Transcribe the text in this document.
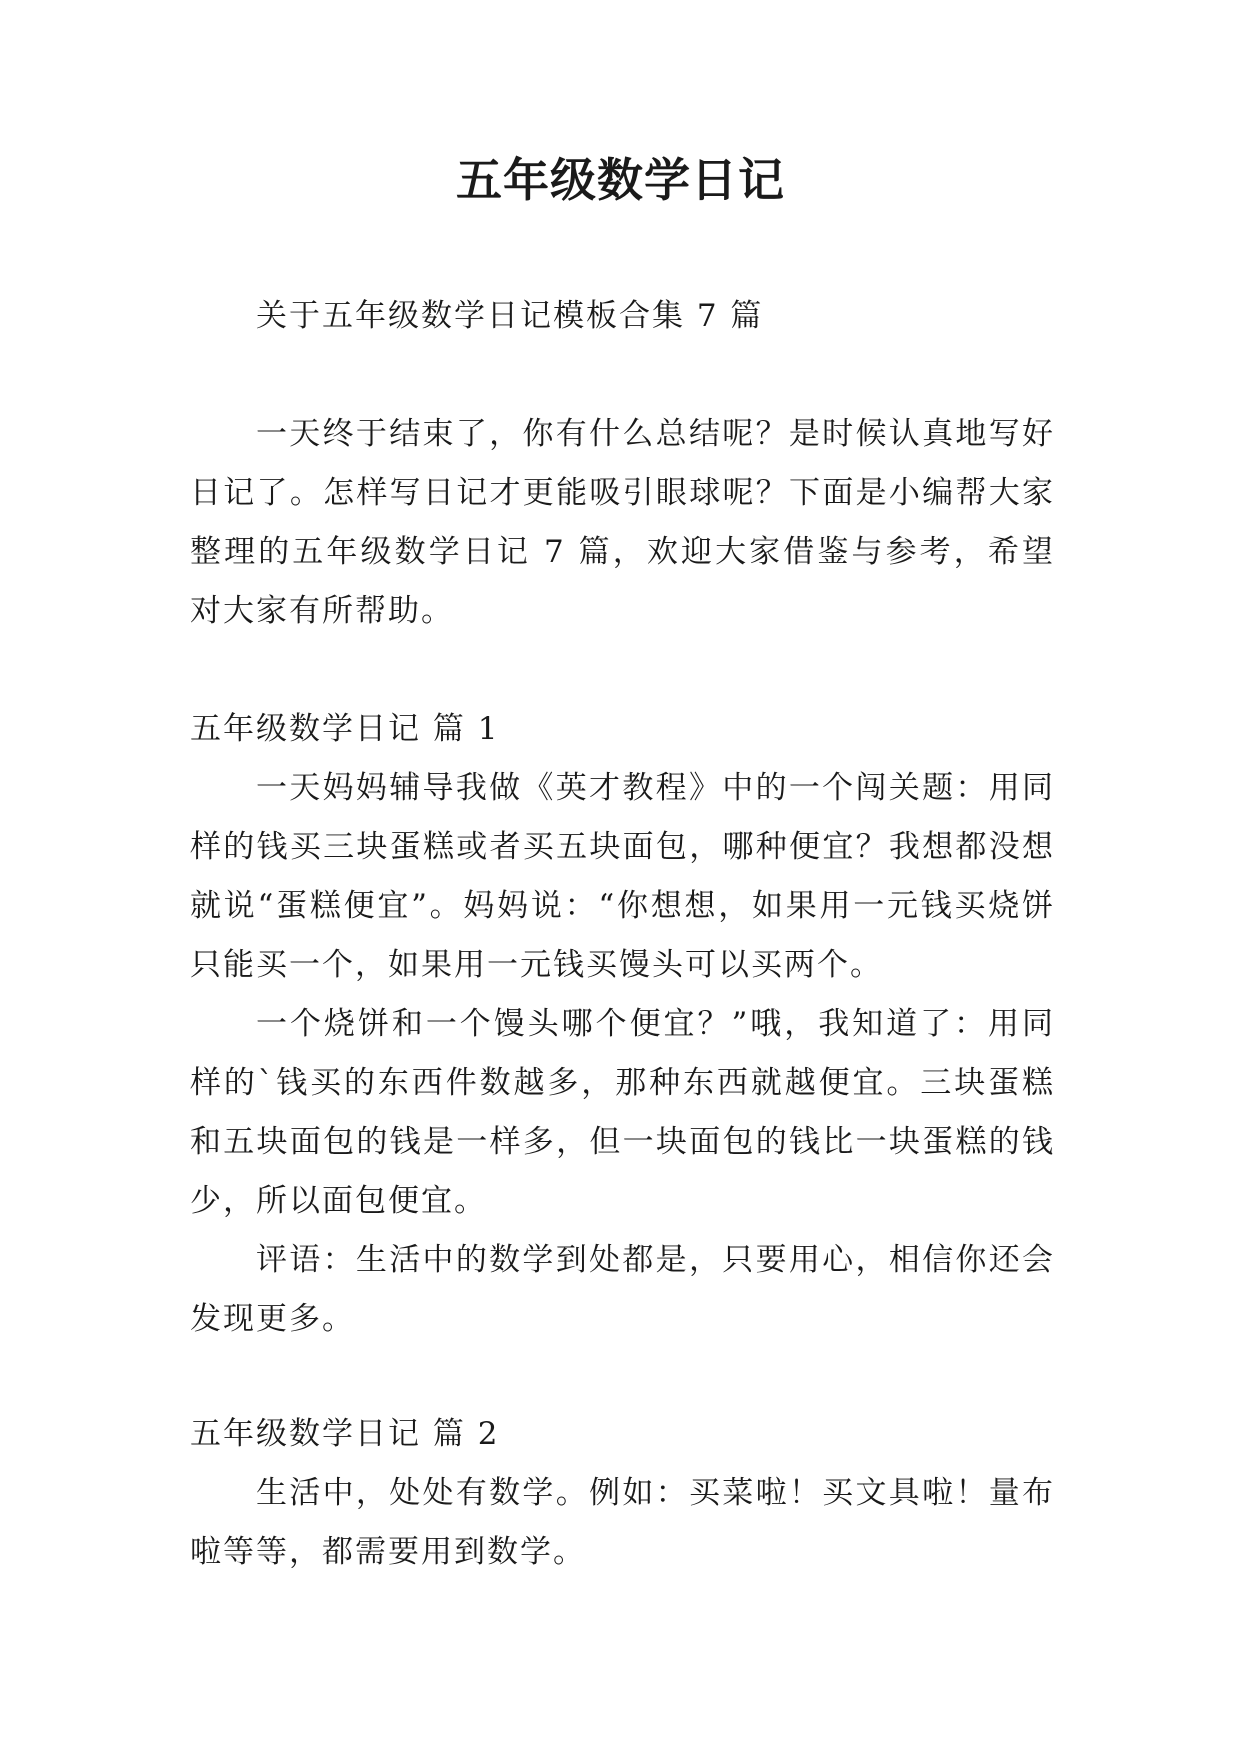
五年级数学日记

关于五年级数学日记模板合集 7 篇

一天终于结束了，你有什么总结呢？是时候认真地写好日记了。怎样写日记才更能吸引眼球呢？下面是小编帮大家整理的五年级数学日记 7 篇，欢迎大家借鉴与参考，希望对大家有所帮助。

五年级数学日记 篇 1

一天妈妈辅导我做《英才教程》中的一个闯关题：用同样的钱买三块蛋糕或者买五块面包，哪种便宜？我想都没想就说“蛋糕便宜”。妈妈说：“你想想，如果用一元钱买烧饼只能买一个，如果用一元钱买馒头可以买两个。

一个烧饼和一个馒头哪个便宜？”哦，我知道了：用同样的`钱买的东西件数越多，那种东西就越便宜。三块蛋糕和五块面包的钱是一样多，但一块面包的钱比一块蛋糕的钱少，所以面包便宜。

评语：生活中的数学到处都是，只要用心，相信你还会发现更多。

五年级数学日记 篇 2

生活中，处处有数学。例如：买菜啦！买文具啦！量布啦等等，都需要用到数学。
